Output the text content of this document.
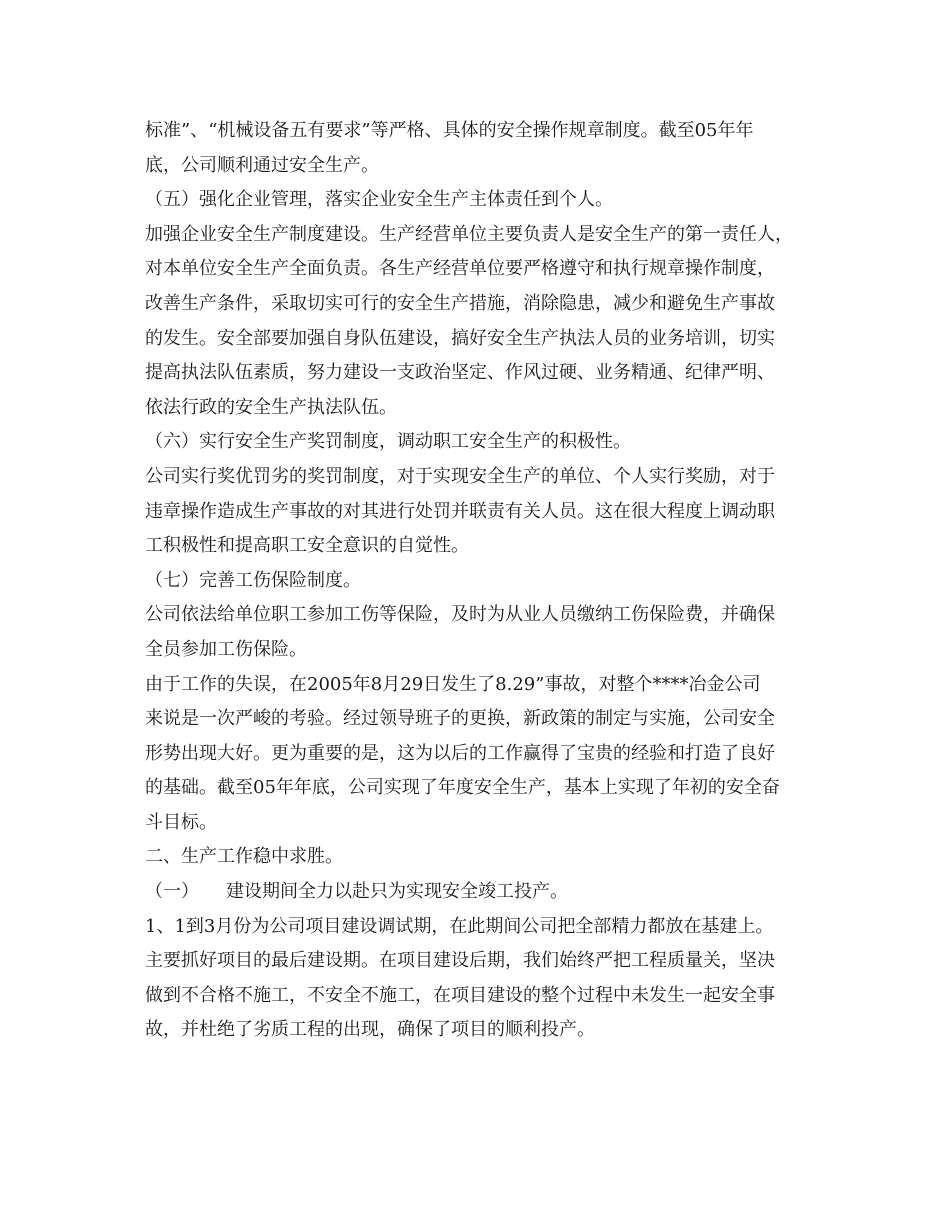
标准”、“机械设备五有要求”等严格、具体的安全操作规章制度。截至05年年
底，公司顺利通过安全生产。
（五）强化企业管理，落实企业安全生产主体责任到个人。
加强企业安全生产制度建设。生产经营单位主要负责人是安全生产的第一责任人，
对本单位安全生产全面负责。各生产经营单位要严格遵守和执行规章操作制度，
改善生产条件，采取切实可行的安全生产措施，消除隐患，减少和避免生产事故
的发生。安全部要加强自身队伍建设，搞好安全生产执法人员的业务培训，切实
提高执法队伍素质，努力建设一支政治坚定、作风过硬、业务精通、纪律严明、
依法行政的安全生产执法队伍。
（六）实行安全生产奖罚制度，调动职工安全生产的积极性。
公司实行奖优罚劣的奖罚制度，对于实现安全生产的单位、个人实行奖励，对于
违章操作造成生产事故的对其进行处罚并联责有关人员。这在很大程度上调动职
工积极性和提高职工安全意识的自觉性。
（七）完善工伤保险制度。
公司依法给单位职工参加工伤等保险，及时为从业人员缴纳工伤保险费，并确保
全员参加工伤保险。
由于工作的失误，在2005年8月29日发生了8.29”事故，对整个****冶金公司
来说是一次严峻的考验。经过领导班子的更换，新政策的制定与实施，公司安全
形势出现大好。更为重要的是，这为以后的工作赢得了宝贵的经验和打造了良好
的基础。截至05年年底，公司实现了年度安全生产，基本上实现了年初的安全奋
斗目标。
二、生产工作稳中求胜。
（一）　　建设期间全力以赴只为实现安全竣工投产。
1、1到3月份为公司项目建设调试期，在此期间公司把全部精力都放在基建上。
主要抓好项目的最后建设期。在项目建设后期，我们始终严把工程质量关，坚决
做到不合格不施工，不安全不施工，在项目建设的整个过程中未发生一起安全事
故，并杜绝了劣质工程的出现，确保了项目的顺利投产。
